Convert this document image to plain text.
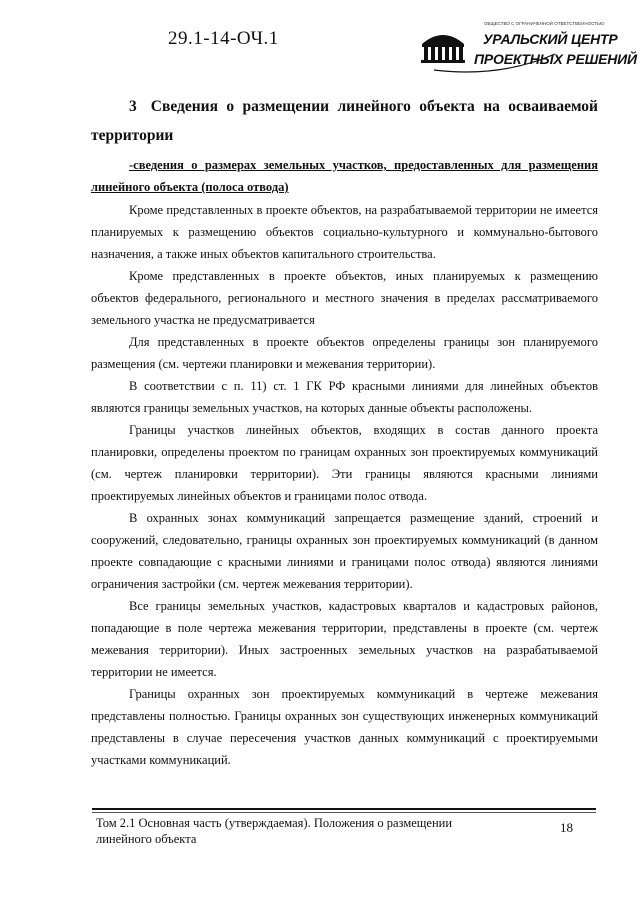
29.1-14-ОЧ.1
ОБЩЕСТВО С ОГРАНИЧЕННОЙ ОТВЕТСТВЕННОСТЬЮ
УРАЛЬСКИЙ ЦЕНТР
ПРОЕКТНЫХ РЕШЕНИЙ
3 Сведения о размещении линейного объекта на осваиваемой территории

-сведения о размерах земельных участков, предоставленных для размещения линейного объекта (полоса отвода)

Кроме представленных в проекте объектов, на разрабатываемой территории не имеется планируемых к размещению объектов социально-культурного и коммунально-бытового назначения, а также иных объектов капитального строительства.

Кроме представленных в проекте объектов, иных планируемых к размещению объектов федерального, регионального и местного значения в пределах рассматриваемого земельного участка не предусматривается

Для представленных в проекте объектов определены границы зон планируемого размещения (см. чертежи планировки и межевания территории).

В соответствии с п. 11) ст. 1 ГК РФ красными линиями для линейных объектов являются границы земельных участков, на которых данные объекты расположены.

Границы участков линейных объектов, входящих в состав данного проекта планировки, определены проектом по границам охранных зон проектируемых коммуникаций (см. чертеж планировки территории). Эти границы являются красными линиями проектируемых линейных объектов и границами полос отвода.

В охранных зонах коммуникаций запрещается размещение зданий, строений и сооружений, следовательно, границы охранных зон проектируемых коммуникаций (в данном проекте совпадающие с красными линиями и границами полос отвода) являются линиями ограничения застройки (см. чертеж межевания территории).

Все границы земельных участков, кадастровых кварталов и кадастровых районов, попадающие в поле чертежа межевания территории, представлены в проекте (см. чертеж межевания территории). Иных застроенных земельных участков на разрабатываемой территории не имеется.

Границы охранных зон проектируемых коммуникаций в чертеже межевания представлены полностью. Границы охранных зон существующих инженерных коммуникаций представлены в случае пересечения участков данных коммуникаций с проектируемыми участками коммуникаций.

Том 2.1 Основная часть (утверждаемая). Положения о размещении линейного объекта
18
